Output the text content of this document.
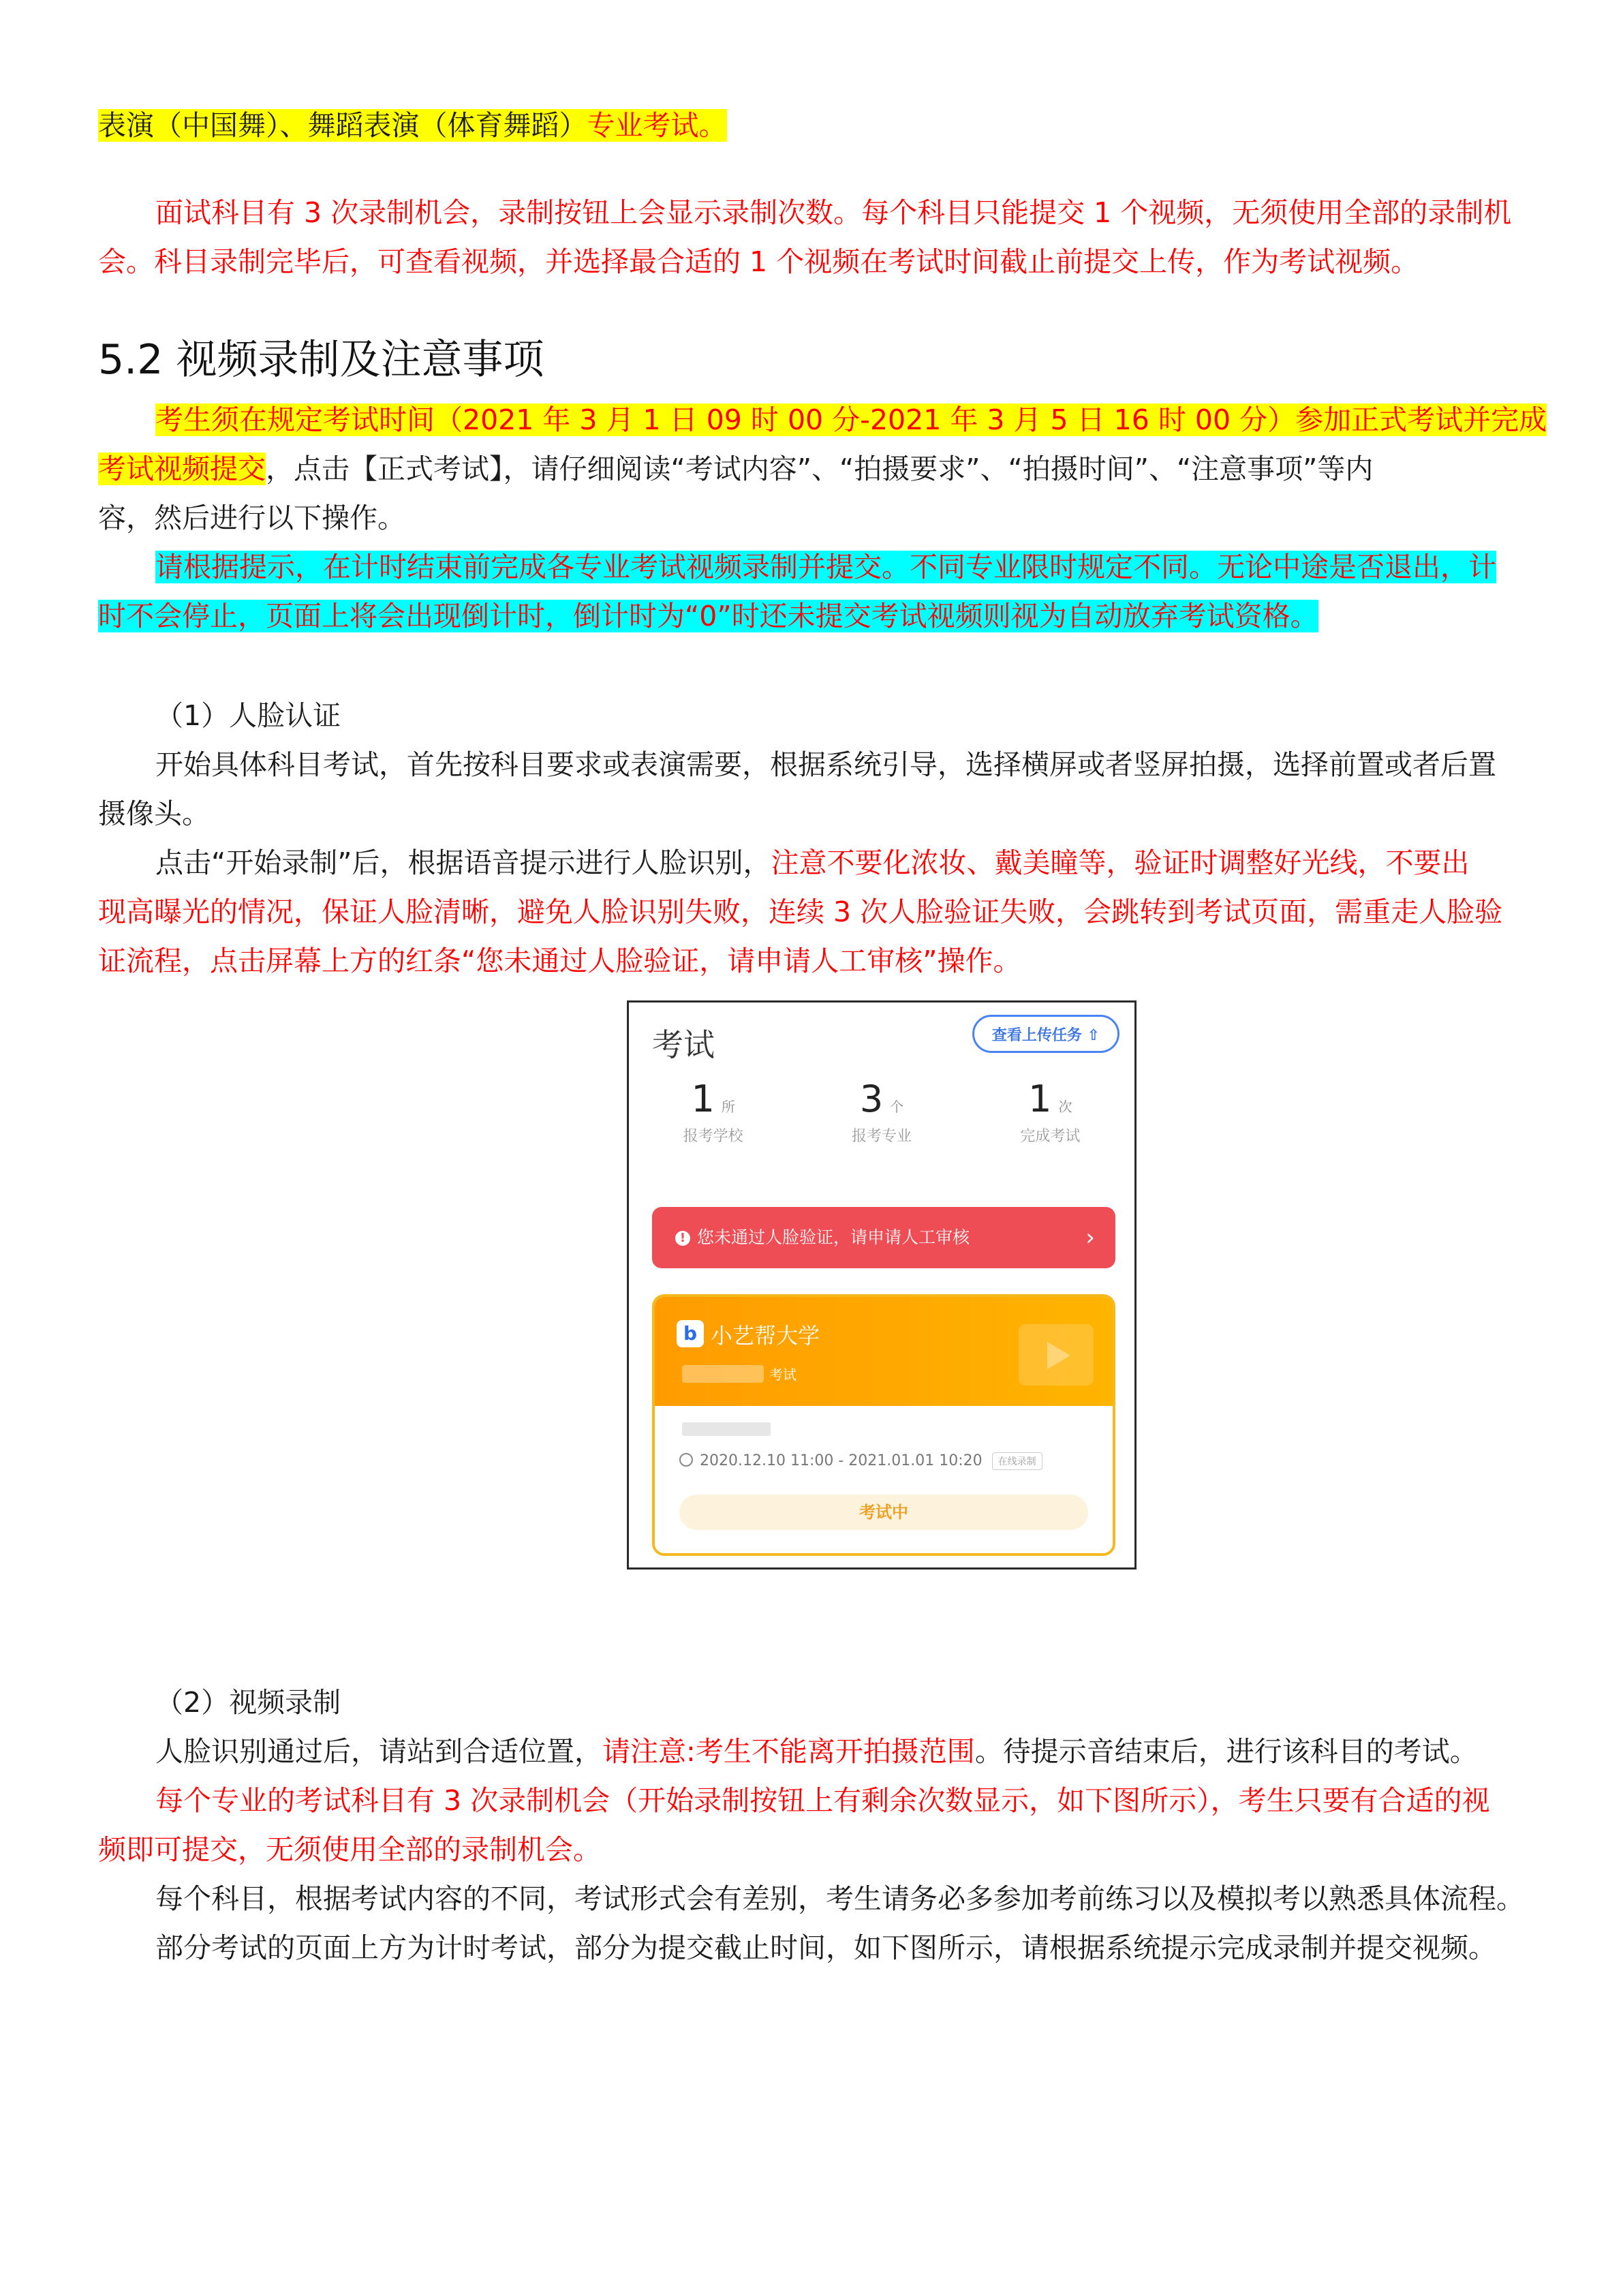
表演（中国舞）、舞蹈表演（体育舞蹈）专业考试。

面试科目有 3 次录制机会，录制按钮上会显示录制次数。每个科目只能提交 1 个视频，无须使用全部的录制机

会。科目录制完毕后，可查看视频，并选择最合适的 1 个视频在考试时间截止前提交上传，作为考试视频。

5.2 视频录制及注意事项

考生须在规定考试时间（2021 年 3 月 1 日 09 时 00 分-2021 年 3 月 5 日 16 时 00 分）参加正式考试并完成

考试视频提交，点击【正式考试】，请仔细阅读“考试内容”、“拍摄要求”、“拍摄时间”、“注意事项”等内

容，然后进行以下操作。

请根据提示，在计时结束前完成各专业考试视频录制并提交。不同专业限时规定不同。无论中途是否退出，计

时不会停止，页面上将会出现倒计时，倒计时为“0”时还未提交考试视频则视为自动放弃考试资格。

（1）人脸认证

开始具体科目考试，首先按科目要求或表演需要，根据系统引导，选择横屏或者竖屏拍摄，选择前置或者后置

摄像头。

点击“开始录制”后，根据语音提示进行人脸识别，注意不要化浓妆、戴美瞳等，验证时调整好光线，不要出

现高曝光的情况，保证人脸清晰，避免人脸识别失败，连续 3 次人脸验证失败，会跳转到考试页面，需重走人脸验

证流程，点击屏幕上方的红条“您未通过人脸验证，请申请人工审核”操作。

考试	查看上传任务 ⇧
1 所
报考学校
3 个
报考专业
1 次
完成考试
! 您未通过人脸验证，请申请人工审核	›
b 小艺帮大学
考试
2020.12.10 11:00 - 2021.01.01 10:20 在线录制
考试中

（2）视频录制

人脸识别通过后，请站到合适位置，请注意:考生不能离开拍摄范围。待提示音结束后，进行该科目的考试。

每个专业的考试科目有 3 次录制机会（开始录制按钮上有剩余次数显示，如下图所示），考生只要有合适的视

频即可提交，无须使用全部的录制机会。

每个科目，根据考试内容的不同，考试形式会有差别，考生请务必多参加考前练习以及模拟考以熟悉具体流程。

部分考试的页面上方为计时考试，部分为提交截止时间，如下图所示，请根据系统提示完成录制并提交视频。
